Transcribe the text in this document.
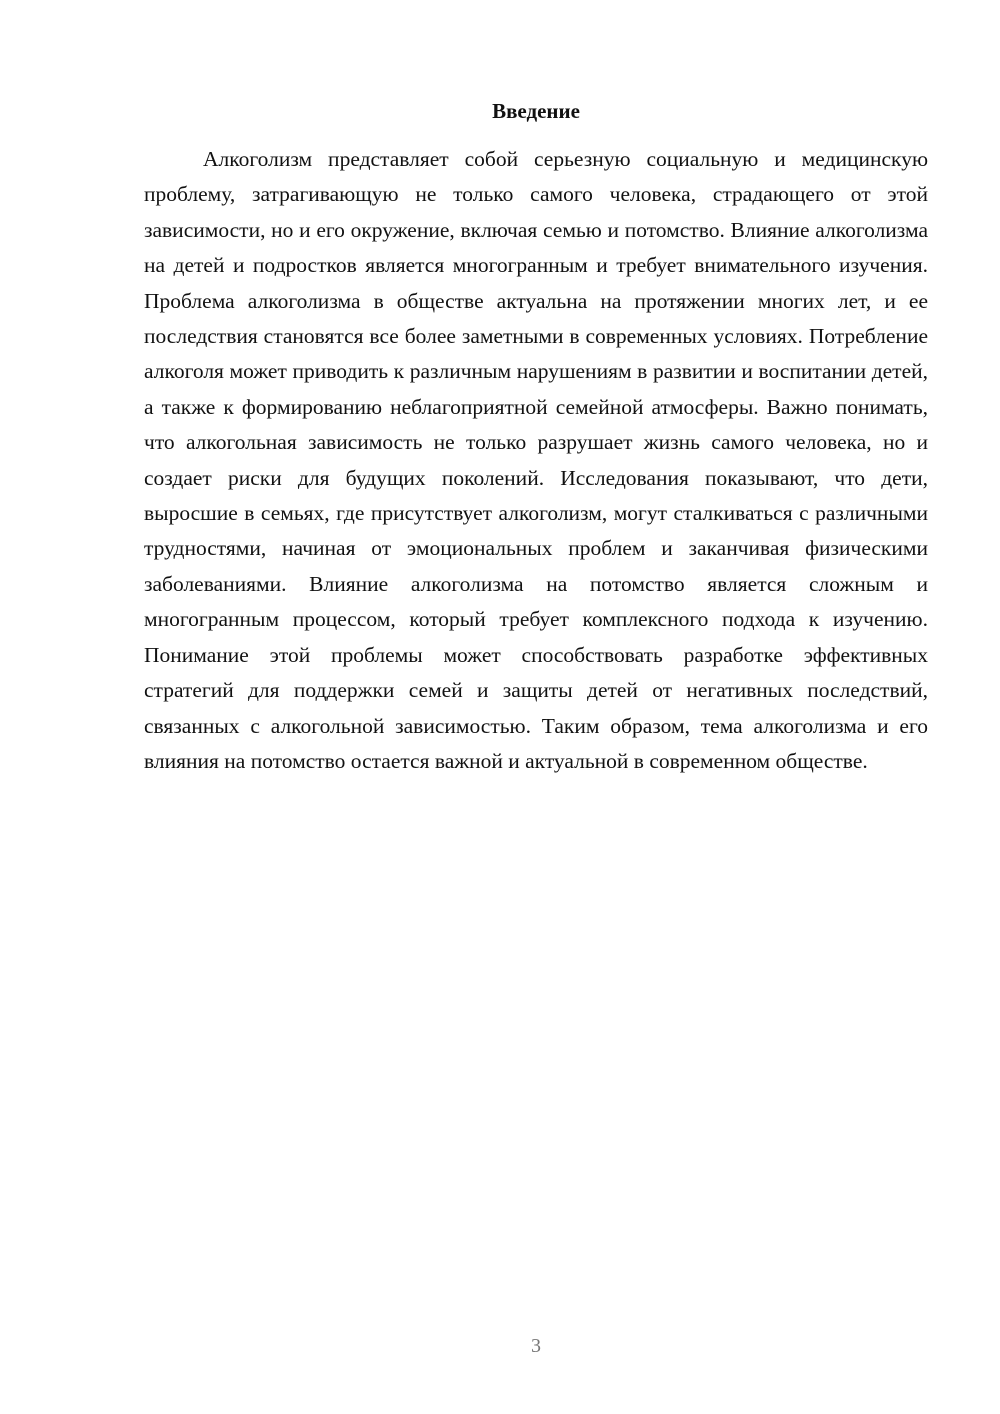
Введение

Алкоголизм представляет собой серьезную социальную и медицинскую проблему, затрагивающую не только самого человека, страдающего от этой зависимости, но и его окружение, включая семью и потомство. Влияние алкоголизма на детей и подростков является многогранным и требует внимательного изучения. Проблема алкоголизма в обществе актуальна на протяжении многих лет, и ее последствия становятся все более заметными в современных условиях. Потребление алкоголя может приводить к различным нарушениям в развитии и воспитании детей, а также к формированию неблагоприятной семейной атмосферы. Важно понимать, что алкогольная зависимость не только разрушает жизнь самого человека, но и создает риски для будущих поколений. Исследования показывают, что дети, выросшие в семьях, где присутствует алкоголизм, могут сталкиваться с различными трудностями, начиная от эмоциональных проблем и заканчивая физическими заболеваниями. Влияние алкоголизма на потомство является сложным и многогранным процессом, который требует комплексного подхода к изучению. Понимание этой проблемы может способствовать разработке эффективных стратегий для поддержки семей и защиты детей от негативных последствий, связанных с алкогольной зависимостью. Таким образом, тема алкоголизма и его влияния на потомство остается важной и актуальной в современном обществе.

3
